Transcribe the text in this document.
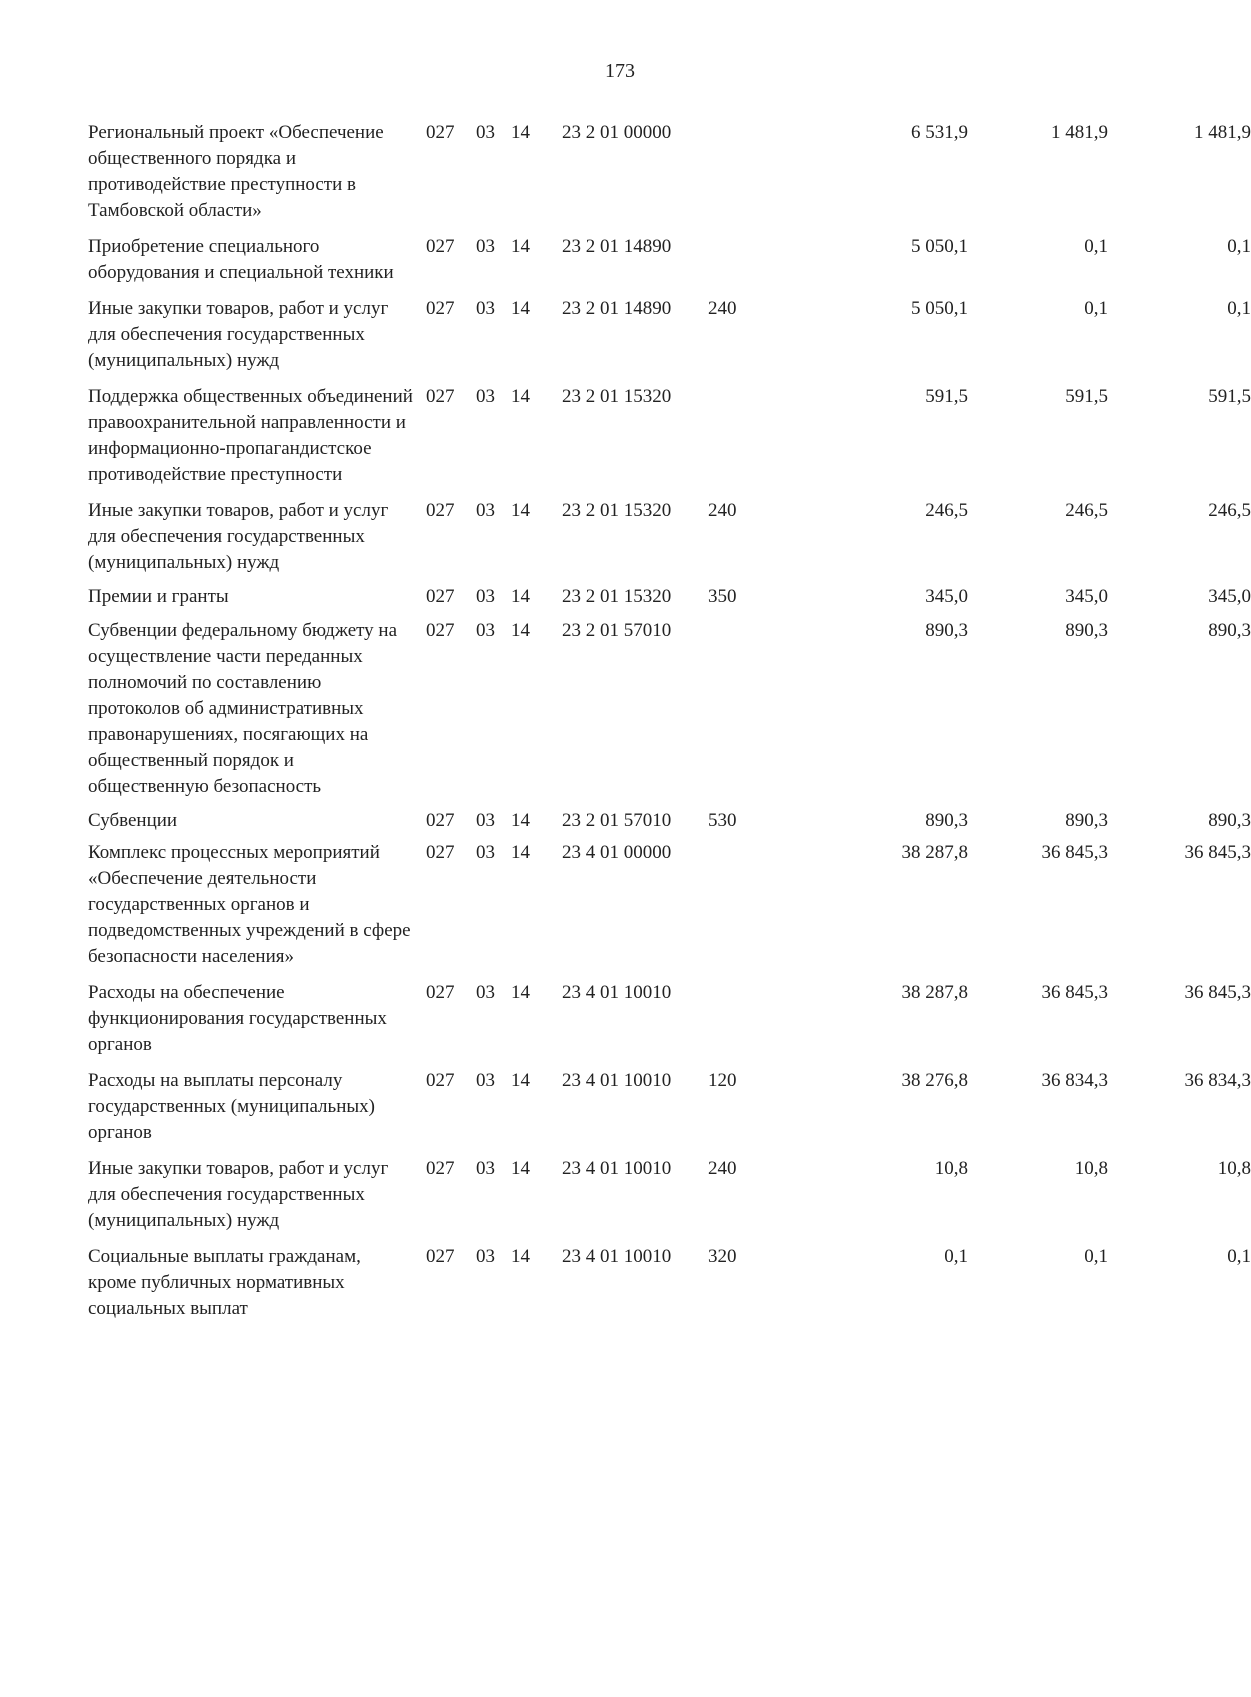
173
Региональный проект «Обеспечение общественного порядка и противодействие преступности в Тамбовской области»
027 03 14 23 2 01 00000	6 531,9	1 481,9	1 481,9
Приобретение специального оборудования и специальной техники
027 03 14 23 2 01 14890	5 050,1	0,1	0,1
Иные закупки товаров, работ и услуг для обеспечения государственных (муниципальных) нужд
027 03 14 23 2 01 14890 240	5 050,1	0,1	0,1
Поддержка общественных объединений правоохранительной направленности и информационно-пропагандистское противодействие преступности
027 03 14 23 2 01 15320	591,5	591,5	591,5
Иные закупки товаров, работ и услуг для обеспечения государственных (муниципальных) нужд
027 03 14 23 2 01 15320 240	246,5	246,5	246,5
Премии и гранты	027 03 14 23 2 01 15320 350	345,0	345,0	345,0
Субвенции федеральному бюджету на осуществление части переданных полномочий по составлению протоколов об административных правонарушениях, посягающих на общественный порядок и общественную безопасность
027 03 14 23 2 01 57010	890,3	890,3	890,3
Субвенции	027 03 14 23 2 01 57010 530	890,3	890,3	890,3
Комплекс процессных мероприятий «Обеспечение деятельности государственных органов и подведомственных учреждений в сфере безопасности населения»
027 03 14 23 4 01 00000	38 287,8	36 845,3	36 845,3
Расходы на обеспечение функционирования государственных органов
027 03 14 23 4 01 10010	38 287,8	36 845,3	36 845,3
Расходы на выплаты персоналу государственных (муниципальных) органов
027 03 14 23 4 01 10010 120	38 276,8	36 834,3	36 834,3
Иные закупки товаров, работ и услуг для обеспечения государственных (муниципальных) нужд
027 03 14 23 4 01 10010 240	10,8	10,8	10,8
Социальные выплаты гражданам, кроме публичных нормативных социальных выплат
027 03 14 23 4 01 10010 320	0,1	0,1	0,1
